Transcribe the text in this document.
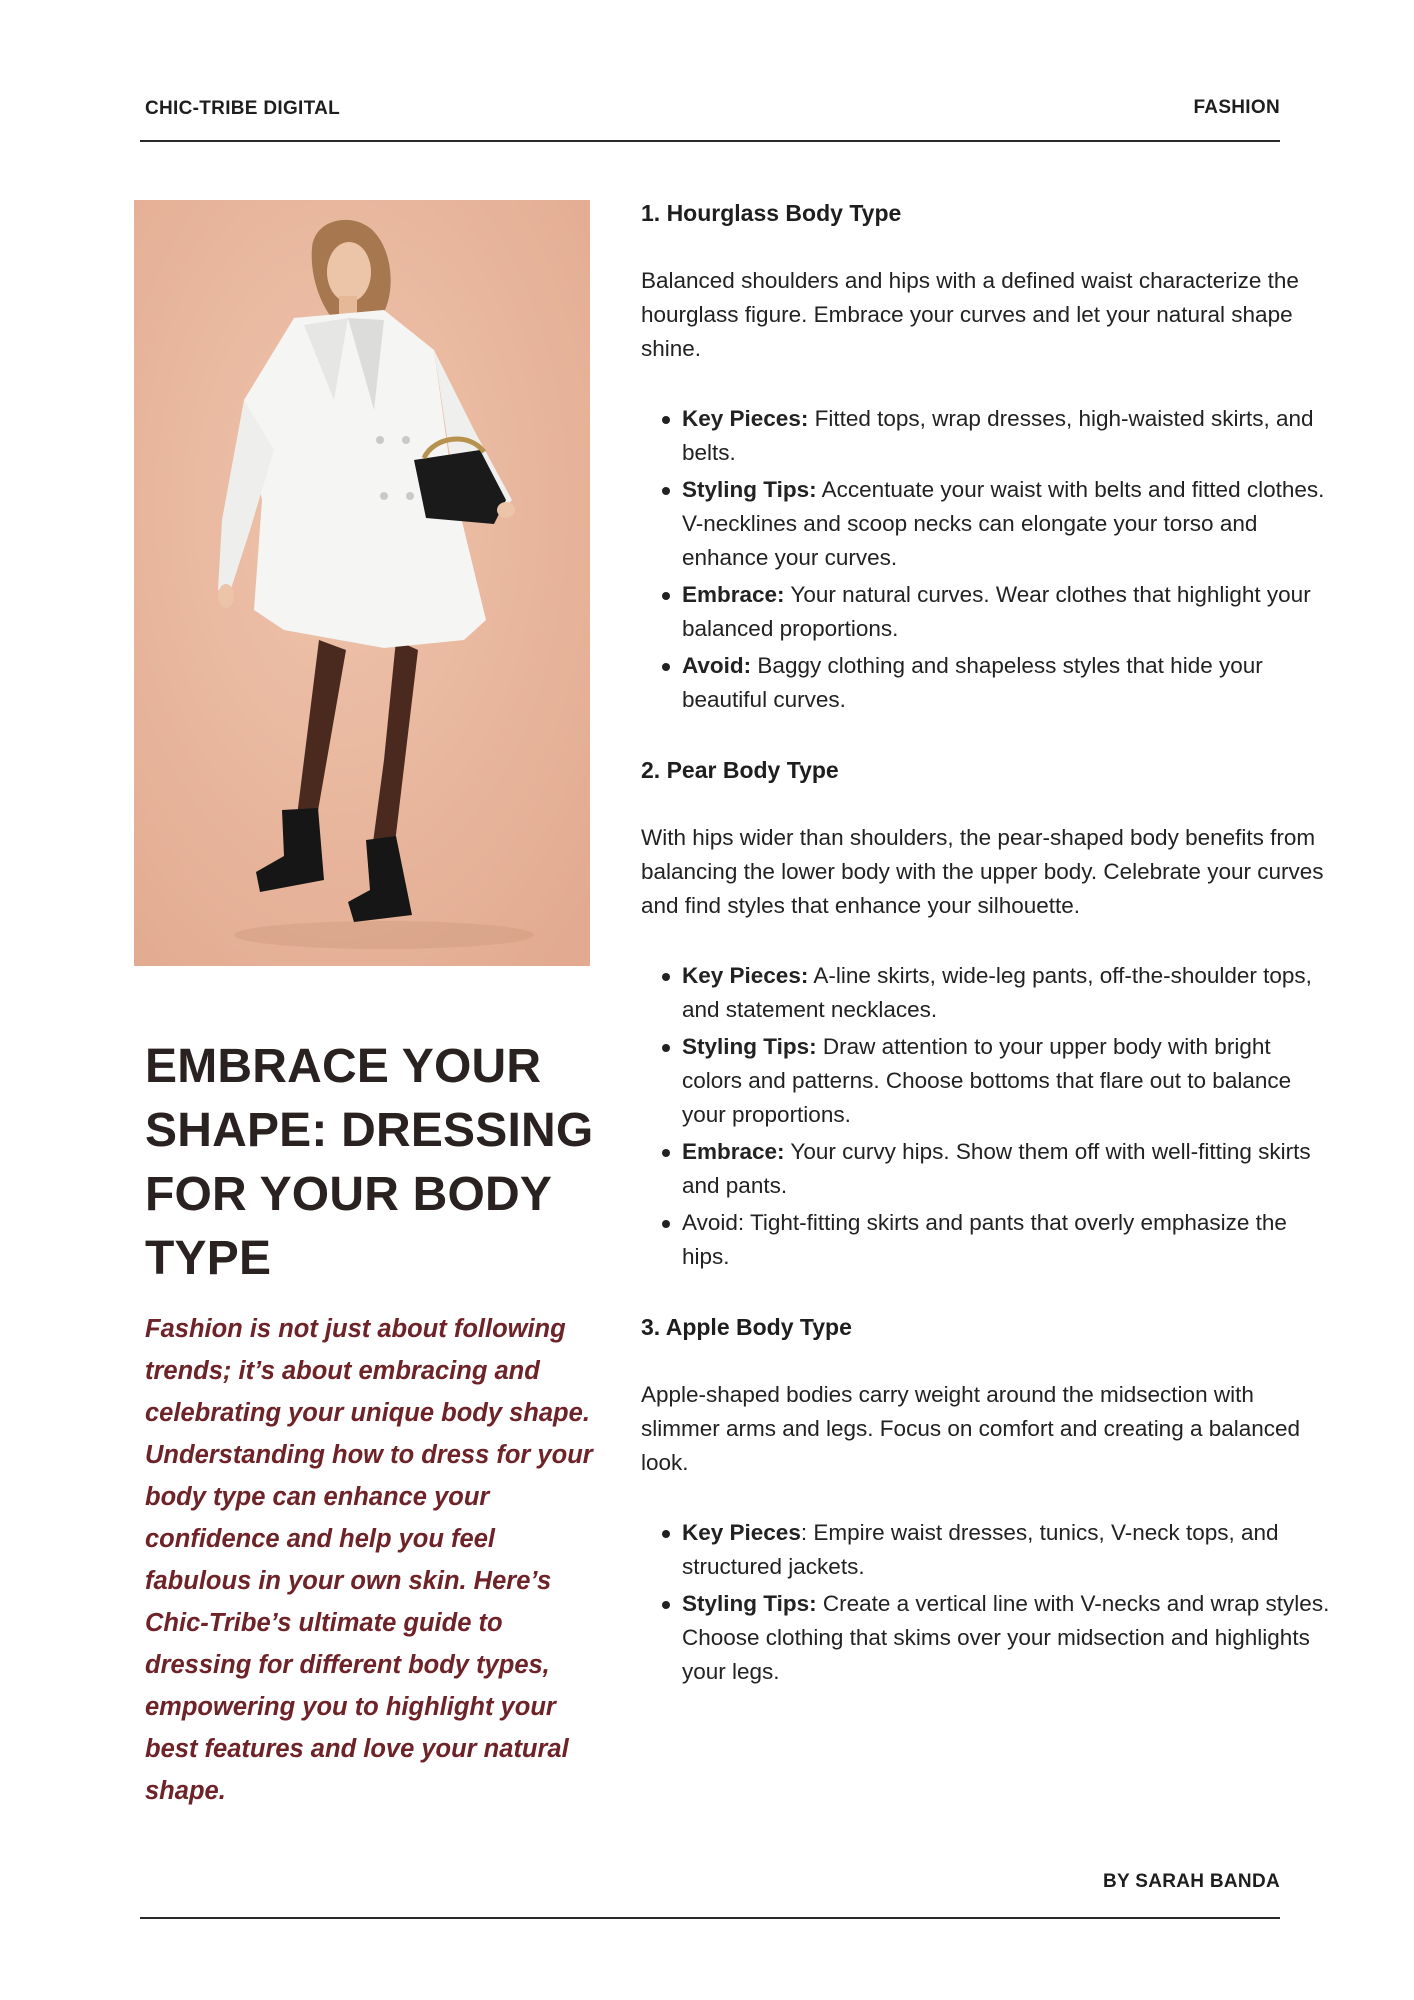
CHIC-TRIBE DIGITAL	FASHION
EMBRACE YOUR SHAPE: DRESSING FOR YOUR BODY TYPE

Fashion is not just about following trends; it’s about embracing and celebrating your unique body shape. Understanding how to dress for your body type can enhance your confidence and help you feel fabulous in your own skin. Here’s Chic-Tribe’s ultimate guide to dressing for different body types, empowering you to highlight your best features and love your natural shape.

1. Hourglass Body Type

Balanced shoulders and hips with a defined waist characterize the hourglass figure. Embrace your curves and let your natural shape shine.

Key Pieces: Fitted tops, wrap dresses, high-waisted skirts, and belts.
Styling Tips: Accentuate your waist with belts and fitted clothes. V-necklines and scoop necks can elongate your torso and enhance your curves.
Embrace: Your natural curves. Wear clothes that highlight your balanced proportions.
Avoid: Baggy clothing and shapeless styles that hide your beautiful curves.

2. Pear Body Type

With hips wider than shoulders, the pear-shaped body benefits from balancing the lower body with the upper body. Celebrate your curves and find styles that enhance your silhouette.

Key Pieces: A-line skirts, wide-leg pants, off-the-shoulder tops, and statement necklaces.
Styling Tips: Draw attention to your upper body with bright colors and patterns. Choose bottoms that flare out to balance your proportions.
Embrace: Your curvy hips. Show them off with well-fitting skirts and pants.
Avoid: Tight-fitting skirts and pants that overly emphasize the hips.

3. Apple Body Type

Apple-shaped bodies carry weight around the midsection with slimmer arms and legs. Focus on comfort and creating a balanced look.

Key Pieces: Empire waist dresses, tunics, V-neck tops, and structured jackets.
Styling Tips: Create a vertical line with V-necks and wrap styles. Choose clothing that skims over your midsection and highlights your legs.
BY SARAH BANDA
